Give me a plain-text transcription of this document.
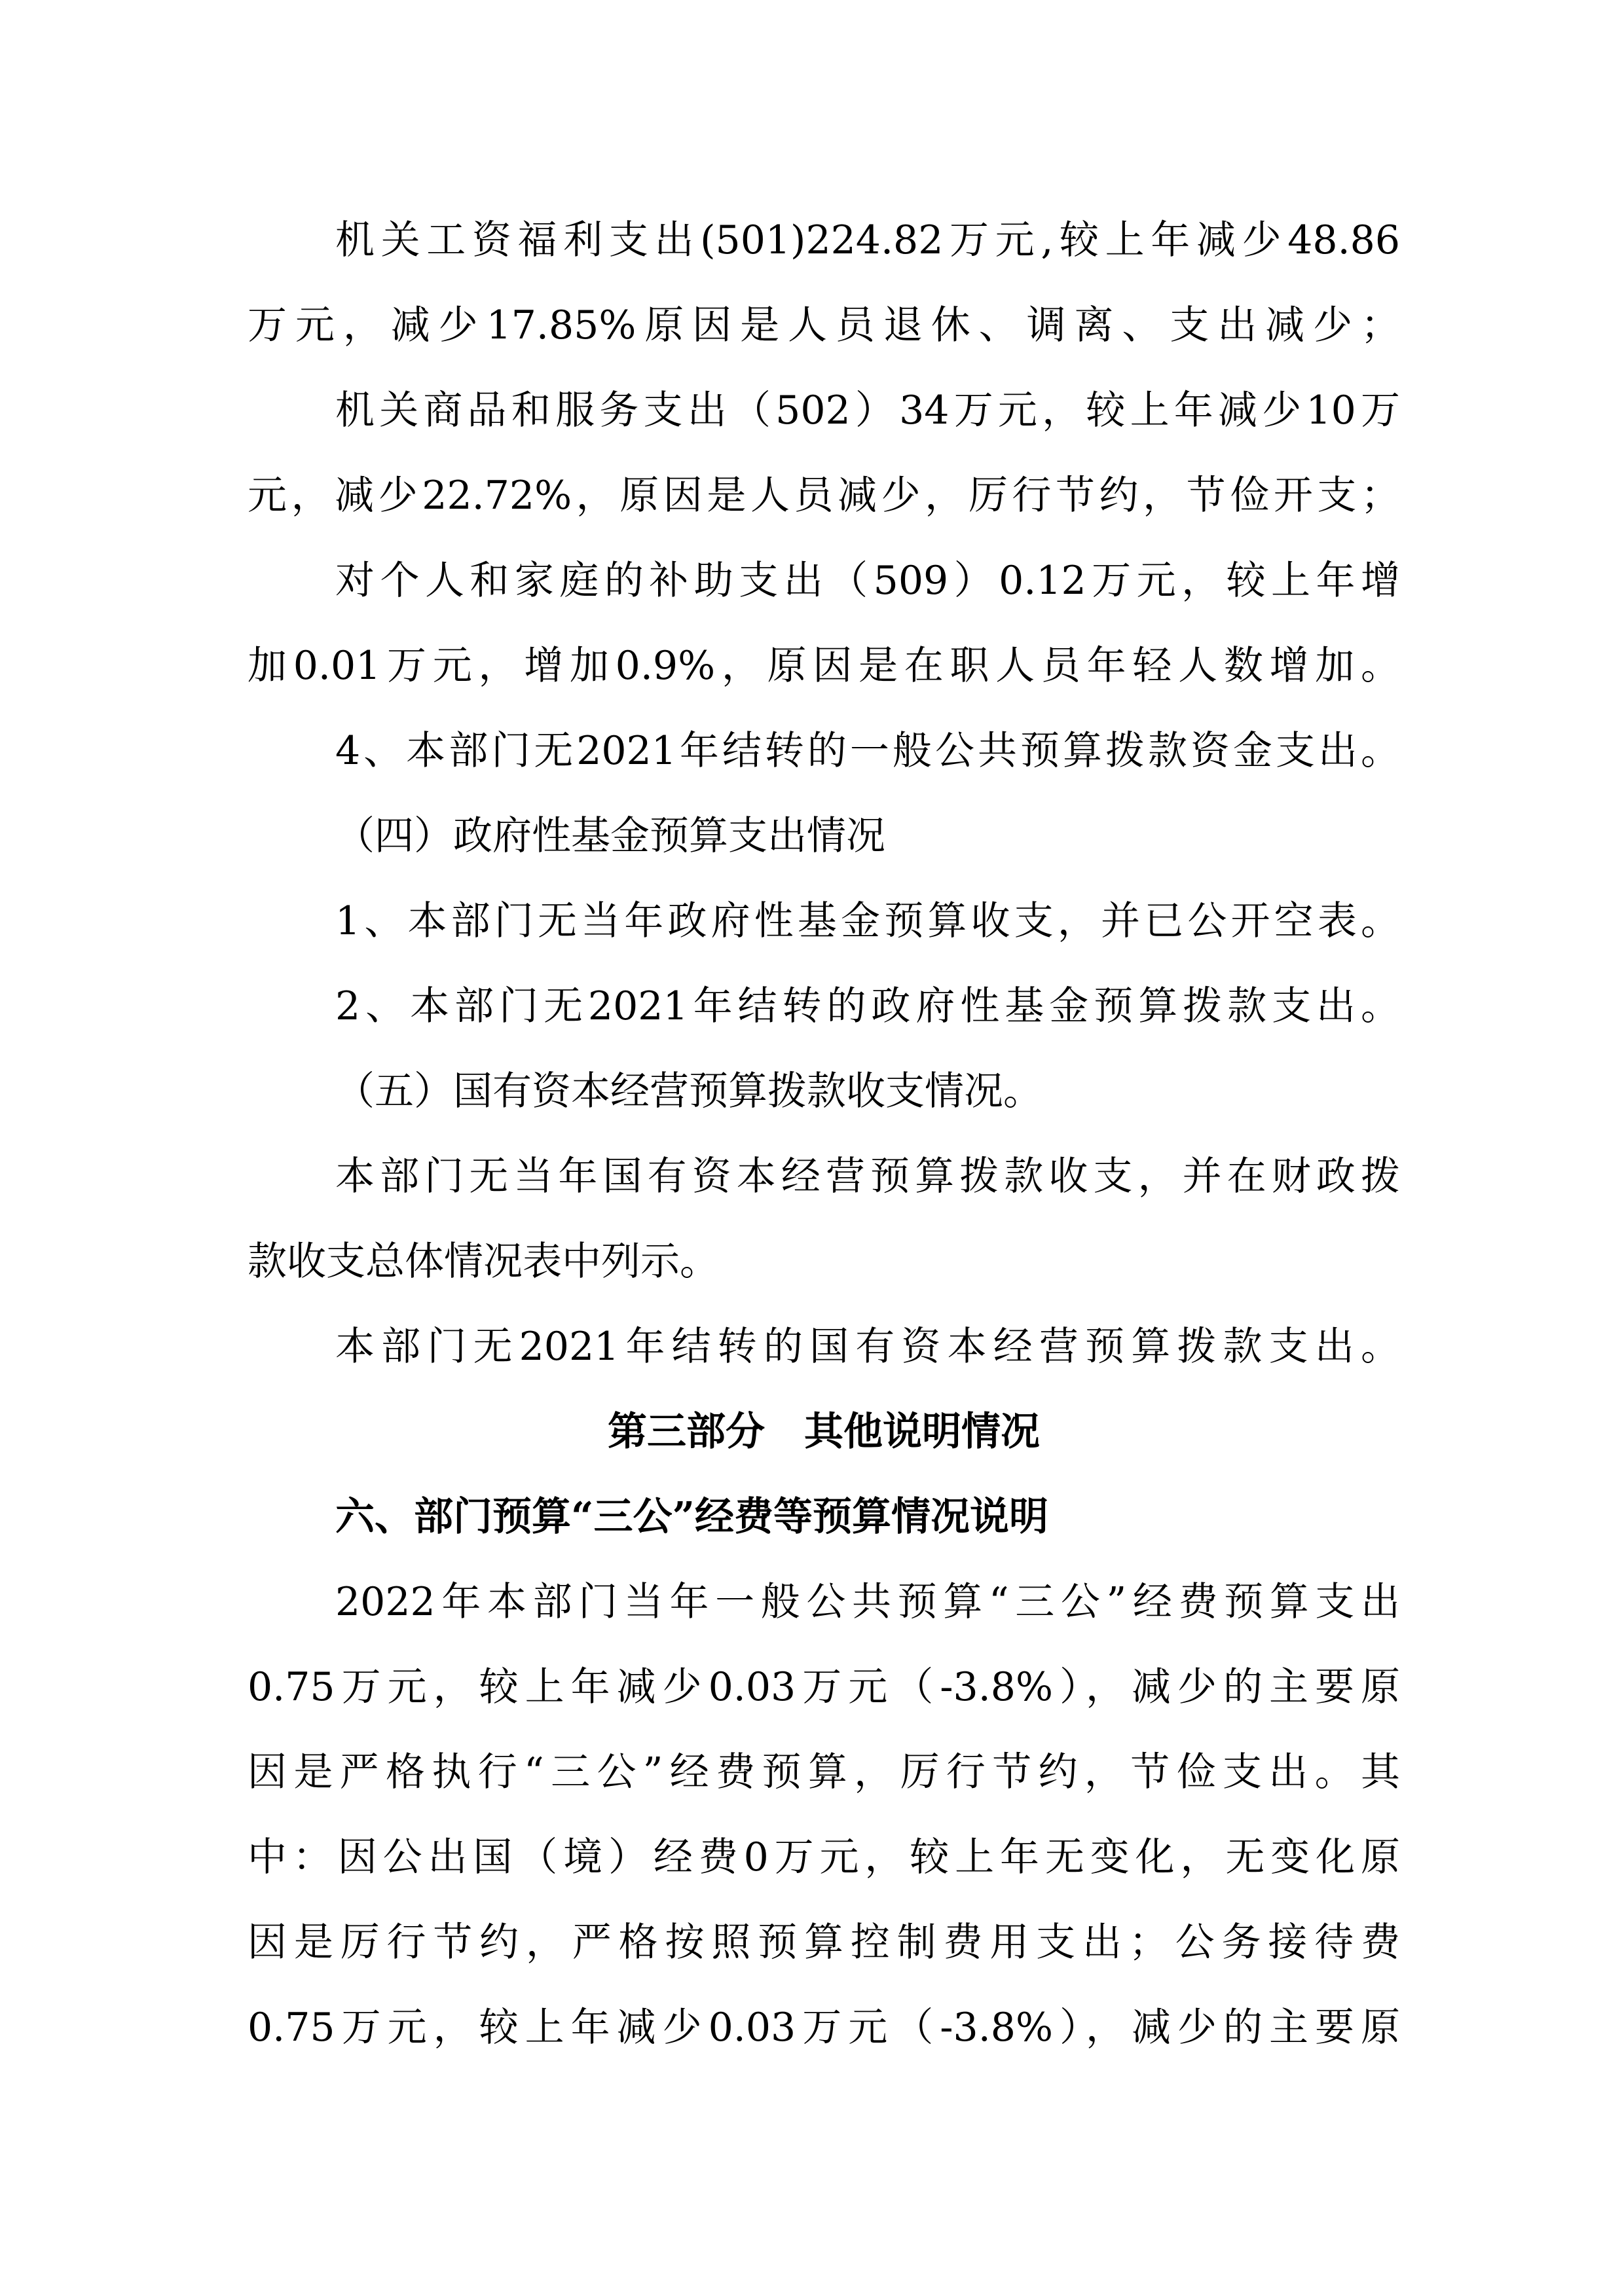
机关工资福利支出(501)224.82万元,较上年减少48.86
万元，减少17.85%原因是人员退休、调离、支出减少；
机关商品和服务支出（502）34万元，较上年减少10万
元，减少22.72%，原因是人员减少，厉行节约，节俭开支；
对个人和家庭的补助支出（509）0.12万元，较上年增
加0.01万元，增加0.9%，原因是在职人员年轻人数增加。
4、本部门无2021年结转的一般公共预算拨款资金支出。
（四）政府性基金预算支出情况
1、本部门无当年政府性基金预算收支，并已公开空表。
2、本部门无2021年结转的政府性基金预算拨款支出。
（五）国有资本经营预算拨款收支情况。
本部门无当年国有资本经营预算拨款收支，并在财政拨
款收支总体情况表中列示。
本部门无2021年结转的国有资本经营预算拨款支出。
第三部分　其他说明情况
六、部门预算“三公”经费等预算情况说明
2022年本部门当年一般公共预算“三公”经费预算支出
0.75万元，较上年减少0.03万元（-3.8%），减少的主要原
因是严格执行“三公”经费预算，厉行节约，节俭支出。其
中：因公出国（境）经费0万元，较上年无变化，无变化原
因是厉行节约，严格按照预算控制费用支出；公务接待费
0.75万元，较上年减少0.03万元（-3.8%），减少的主要原
